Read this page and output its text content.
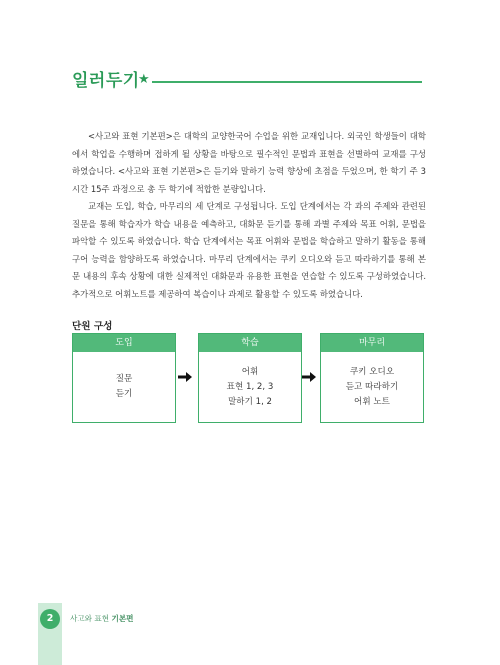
일러두기
★

<사고와 표현 기본편>은 대학의 교양한국어 수업을 위한 교재입니다. 외국인 학생들이 대학에서 학업을 수행하며 접하게 될 상황을 바탕으로 필수적인 문법과 표현을 선별하여 교재를 구성하였습니다. <사고와 표현 기본편>은 듣기와 말하기 능력 향상에 초점을 두었으며, 한 학기 주 3시간 15주 과정으로 총 두 학기에 적합한 분량입니다.

교재는 도입, 학습, 마무리의 세 단계로 구성됩니다. 도입 단계에서는 각 과의 주제와 관련된 질문을 통해 학습자가 학습 내용을 예측하고, 대화문 듣기를 통해 과별 주제와 목표 어휘, 문법을 파악할 수 있도록 하였습니다. 학습 단계에서는 목표 어휘와 문법을 학습하고 말하기 활동을 통해 구어 능력을 함양하도록 하였습니다. 마무리 단계에서는 쿠키 오디오와 듣고 따라하기를 통해 본문 내용의 후속 상황에 대한 실제적인 대화문과 유용한 표현을 연습할 수 있도록 구성하였습니다. 추가적으로 어휘노트를 제공하여 복습이나 과제로 활용할 수 있도록 하였습니다.

단원 구성
도입
질문
듣기
학습
어휘
표현 1, 2, 3
말하기 1, 2
마무리
쿠키 오디오
듣고 따라하기
어휘 노트
2	사고와 표현 기본편
